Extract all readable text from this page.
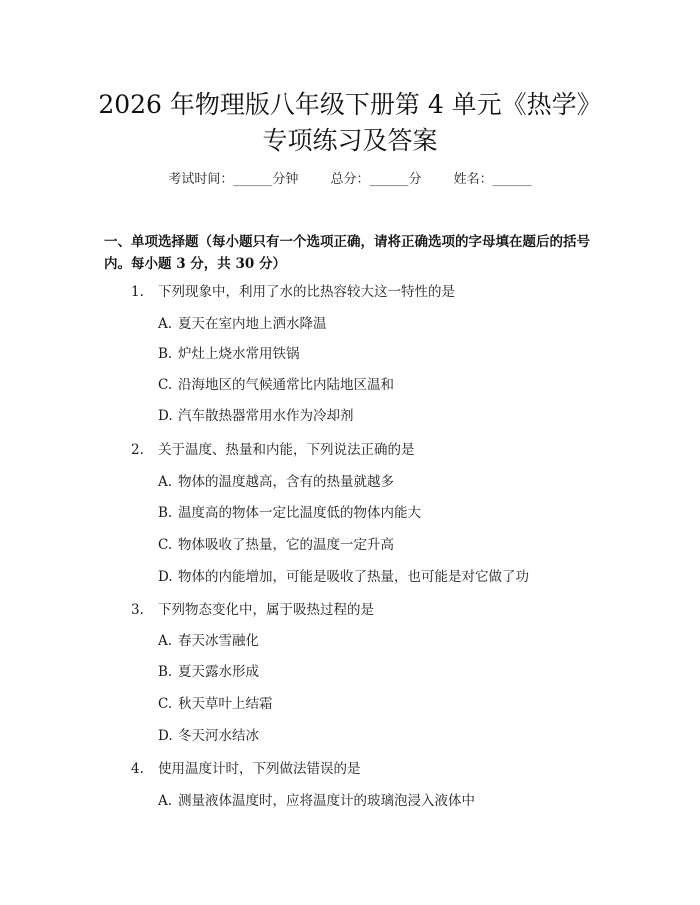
2026 年物理版八年级下册第 4 单元《热学》
专项练习及答案
考试时间：______分钟 总分：______分 姓名：______

一、单项选择题（每小题只有一个选项正确，请将正确选项的字母填在题后的括号内。每小题 3 分，共 30 分）

1. 下列现象中，利用了水的比热容较大这一特性的是
A. 夏天在室内地上洒水降温
B. 炉灶上烧水常用铁锅
C. 沿海地区的气候通常比内陆地区温和
D. 汽车散热器常用水作为冷却剂
2. 关于温度、热量和内能，下列说法正确的是
A. 物体的温度越高，含有的热量就越多
B. 温度高的物体一定比温度低的物体内能大
C. 物体吸收了热量，它的温度一定升高
D. 物体的内能增加，可能是吸收了热量，也可能是对它做了功
3. 下列物态变化中，属于吸热过程的是
A. 春天冰雪融化
B. 夏天露水形成
C. 秋天草叶上结霜
D. 冬天河水结冰
4. 使用温度计时，下列做法错误的是
A. 测量液体温度时，应将温度计的玻璃泡浸入液体中
